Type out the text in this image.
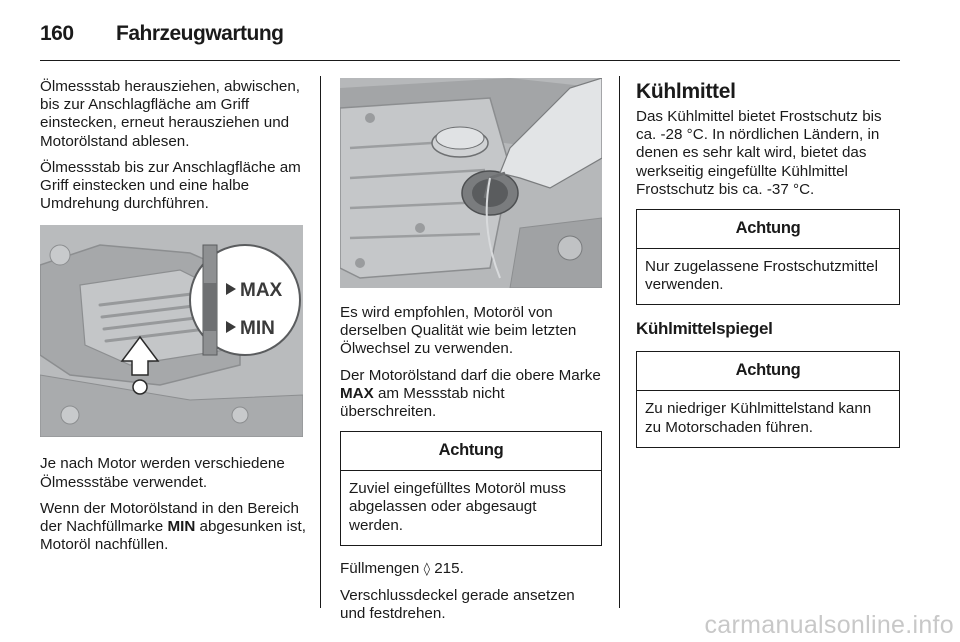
160 Fahrzeugwartung

Ölmessstab herausziehen, abwischen, bis zur Anschlagfläche am Griff einstecken, erneut herausziehen und Motorölstand ablesen.

Ölmessstab bis zur Anschlagfläche am Griff einstecken und eine halbe Umdrehung durchführen.

MAX
MIN

Je nach Motor werden verschiedene Ölmessstäbe verwendet.

Wenn der Motorölstand in den Bereich der Nachfüllmarke MIN abgesunken ist, Motoröl nachfüllen.

Es wird empfohlen, Motoröl von derselben Qualität wie beim letzten Ölwechsel zu verwenden.

Der Motorölstand darf die obere Marke MAX am Messstab nicht überschreiten.

Achtung
Zuviel eingefülltes Motoröl muss abgelassen oder abgesaugt werden.

Füllmengen ◊ 215.

Verschlussdeckel gerade ansetzen und festdrehen.

Kühlmittel

Das Kühlmittel bietet Frostschutz bis ca. -28 °C. In nördlichen Ländern, in denen es sehr kalt wird, bietet das werkseitig eingefüllte Kühlmittel Frostschutz bis ca. -37 °C.

Achtung
Nur zugelassene Frostschutzmittel verwenden.
Kühlmittelspiegel
Achtung
Zu niedriger Kühlmittelstand kann zu Motorschaden führen.
carmanualsonline.info
